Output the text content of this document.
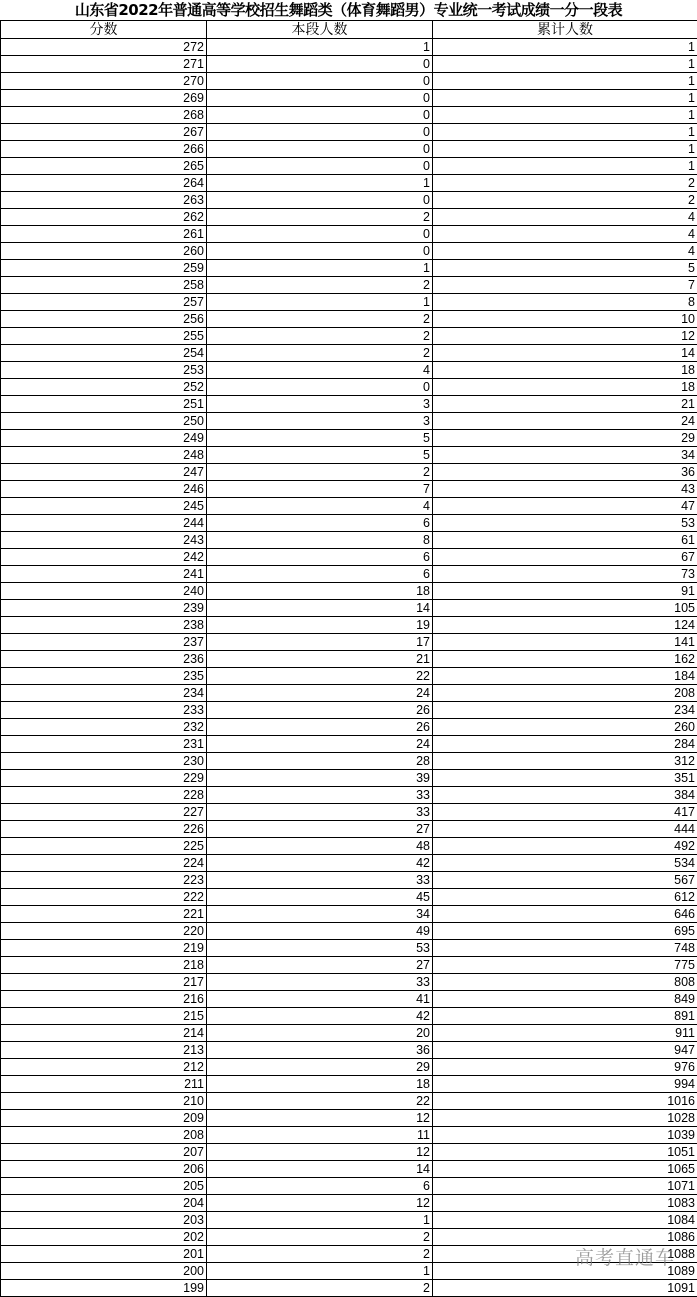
山东省2022年普通高等学校招生舞蹈类（体育舞蹈男）专业统一考试成绩一分一段表
分数	本段人数	累计人数
272	1	1
271	0	1
270	0	1
269	0	1
268	0	1
267	0	1
266	0	1
265	0	1
264	1	2
263	0	2
262	2	4
261	0	4
260	0	4
259	1	5
258	2	7
257	1	8
256	2	10
255	2	12
254	2	14
253	4	18
252	0	18
251	3	21
250	3	24
249	5	29
248	5	34
247	2	36
246	7	43
245	4	47
244	6	53
243	8	61
242	6	67
241	6	73
240	18	91
239	14	105
238	19	124
237	17	141
236	21	162
235	22	184
234	24	208
233	26	234
232	26	260
231	24	284
230	28	312
229	39	351
228	33	384
227	33	417
226	27	444
225	48	492
224	42	534
223	33	567
222	45	612
221	34	646
220	49	695
219	53	748
218	27	775
217	33	808
216	41	849
215	42	891
214	20	911
213	36	947
212	29	976
211	18	994
210	22	1016
209	12	1028
208	11	1039
207	12	1051
206	14	1065
205	6	1071
204	12	1083
203	1	1084
202	2	1086
201	2	1088
200	1	1089
199	2	1091
高考直通车
